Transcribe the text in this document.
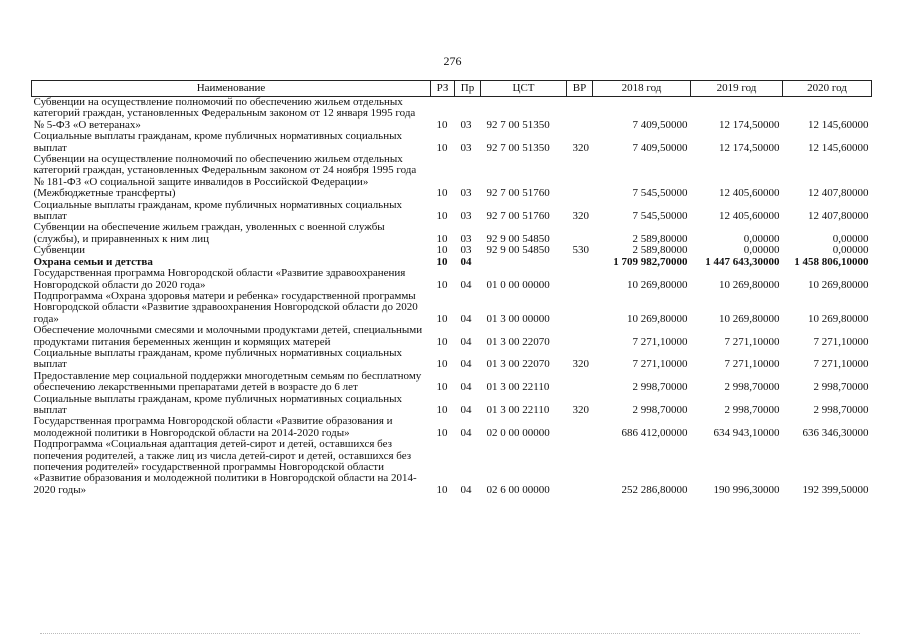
276
Наименование	РЗ	Пр	ЦСТ	ВР	2018 год	2019 год	2020 год
Субвенции на осуществление полномочий по обеспечению жильем отдельных категорий граждан, установленных Федеральным законом от 12 января 1995 года № 5-ФЗ «О ветеранах»	10	03	92 7 00 51350		7 409,50000	12 174,50000	12 145,60000
Социальные выплаты гражданам, кроме публичных нормативных социальных выплат	10	03	92 7 00 51350	320	7 409,50000	12 174,50000	12 145,60000
Субвенции на осуществление полномочий по обеспечению жильем отдельных категорий граждан, установленных Федеральным законом от 24 ноября 1995 года № 181-ФЗ «О социальной защите инвалидов в Российской Федерации» (Межбюджетные трансферты)	10	03	92 7 00 51760		7 545,50000	12 405,60000	12 407,80000
Социальные выплаты гражданам, кроме публичных нормативных социальных выплат	10	03	92 7 00 51760	320	7 545,50000	12 405,60000	12 407,80000
Субвенции на обеспечение жильем граждан, уволенных с военной службы (службы), и приравненных к ним лиц	10	03	92 9 00 54850		2 589,80000	0,00000	0,00000
Субвенции	10	03	92 9 00 54850	530	2 589,80000	0,00000	0,00000
Охрана семьи и детства	10	04			1 709 982,70000	1 447 643,30000	1 458 806,10000
Государственная программа Новгородской области «Развитие здравоохранения Новгородской области до 2020 года»	10	04	01 0 00 00000		10 269,80000	10 269,80000	10 269,80000
Подпрограмма «Охрана здоровья матери и ребенка» государственной программы Новгородской области «Развитие здравоохранения Новгородской области до 2020 года»	10	04	01 3 00 00000		10 269,80000	10 269,80000	10 269,80000
Обеспечение молочными смесями и молочными продуктами детей, специальными продуктами питания беременных женщин и кормящих матерей	10	04	01 3 00 22070		7 271,10000	7 271,10000	7 271,10000
Социальные выплаты гражданам, кроме публичных нормативных социальных выплат	10	04	01 3 00 22070	320	7 271,10000	7 271,10000	7 271,10000
Предоставление мер социальной поддержки многодетным семьям по бесплатному обеспечению лекарственными препаратами детей в возрасте до 6 лет	10	04	01 3 00 22110		2 998,70000	2 998,70000	2 998,70000
Социальные выплаты гражданам, кроме публичных нормативных социальных выплат	10	04	01 3 00 22110	320	2 998,70000	2 998,70000	2 998,70000
Государственная программа Новгородской области «Развитие образования и молодежной политики в Новгородской области на 2014-2020 годы»	10	04	02 0 00 00000		686 412,00000	634 943,10000	636 346,30000
Подпрограмма «Социальная адаптация детей-сирот и детей, оставшихся без попечения родителей, а также лиц из числа детей-сирот и детей, оставшихся без попечения родителей» государственной программы Новгородской области «Развитие образования и молодежной политики в Новгородской области на 2014-2020 годы»	10	04	02 6 00 00000		252 286,80000	190 996,30000	192 399,50000
